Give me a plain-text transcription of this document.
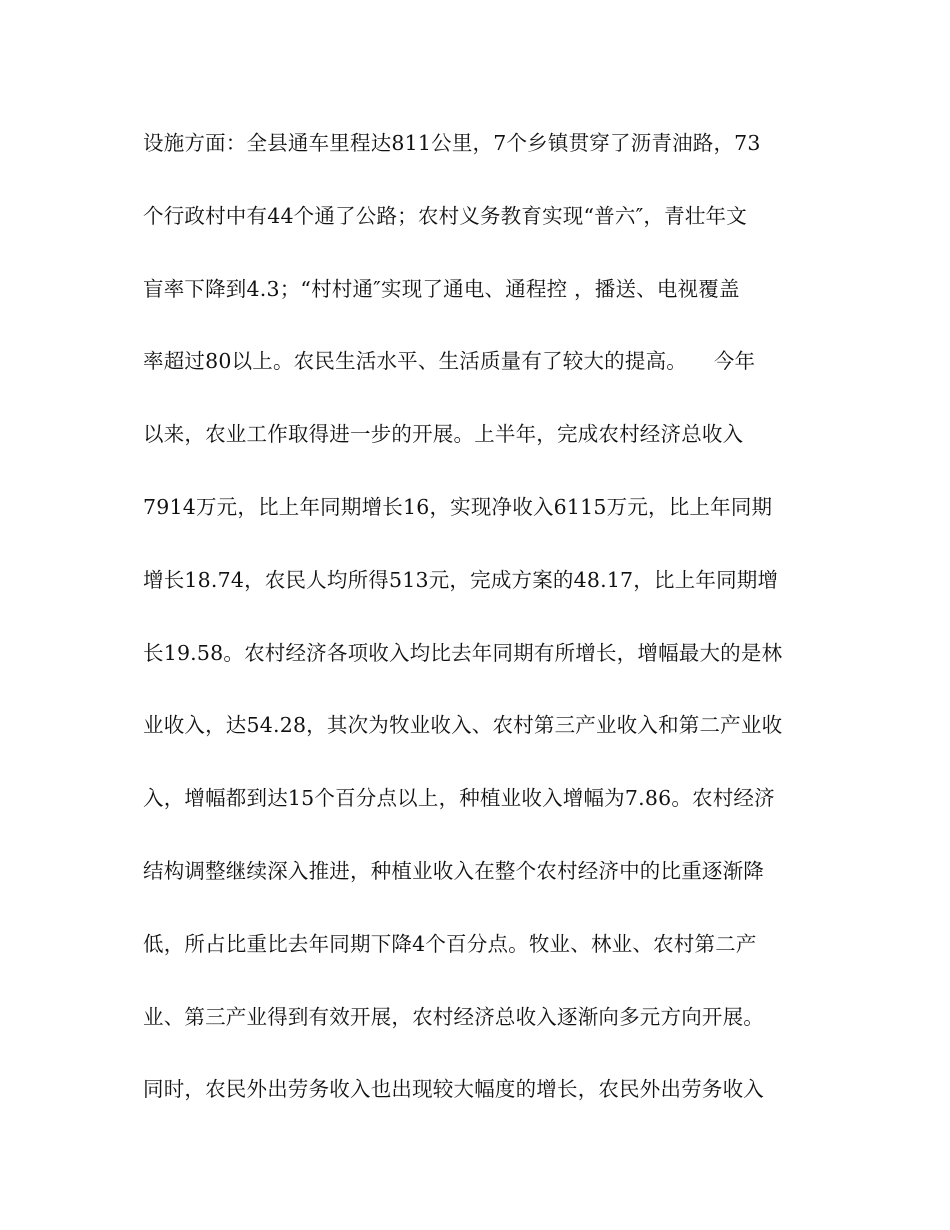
设施方面：全县通车里程达811公里，7个乡镇贯穿了沥青油路，73
个行政村中有44个通了公路；农村义务教育实现“普六″，青壮年文
盲率下降到4.3；“村村通″实现了通电、通程控 ，播送、电视覆盖
率超过80以上。农民生活水平、生活质量有了较大的提高。    今年
以来，农业工作取得进一步的开展。上半年，完成农村经济总收入
7914万元，比上年同期增长16，实现净收入6115万元，比上年同期
增长18.74，农民人均所得513元，完成方案的48.17，比上年同期增
长19.58。农村经济各项收入均比去年同期有所增长，增幅最大的是林
业收入，达54.28，其次为牧业收入、农村第三产业收入和第二产业收
入，增幅都到达15个百分点以上，种植业收入增幅为7.86。农村经济
结构调整继续深入推进，种植业收入在整个农村经济中的比重逐渐降
低，所占比重比去年同期下降4个百分点。牧业、林业、农村第二产
业、第三产业得到有效开展，农村经济总收入逐渐向多元方向开展。
同时，农民外出劳务收入也出现较大幅度的增长，农民外出劳务收入
